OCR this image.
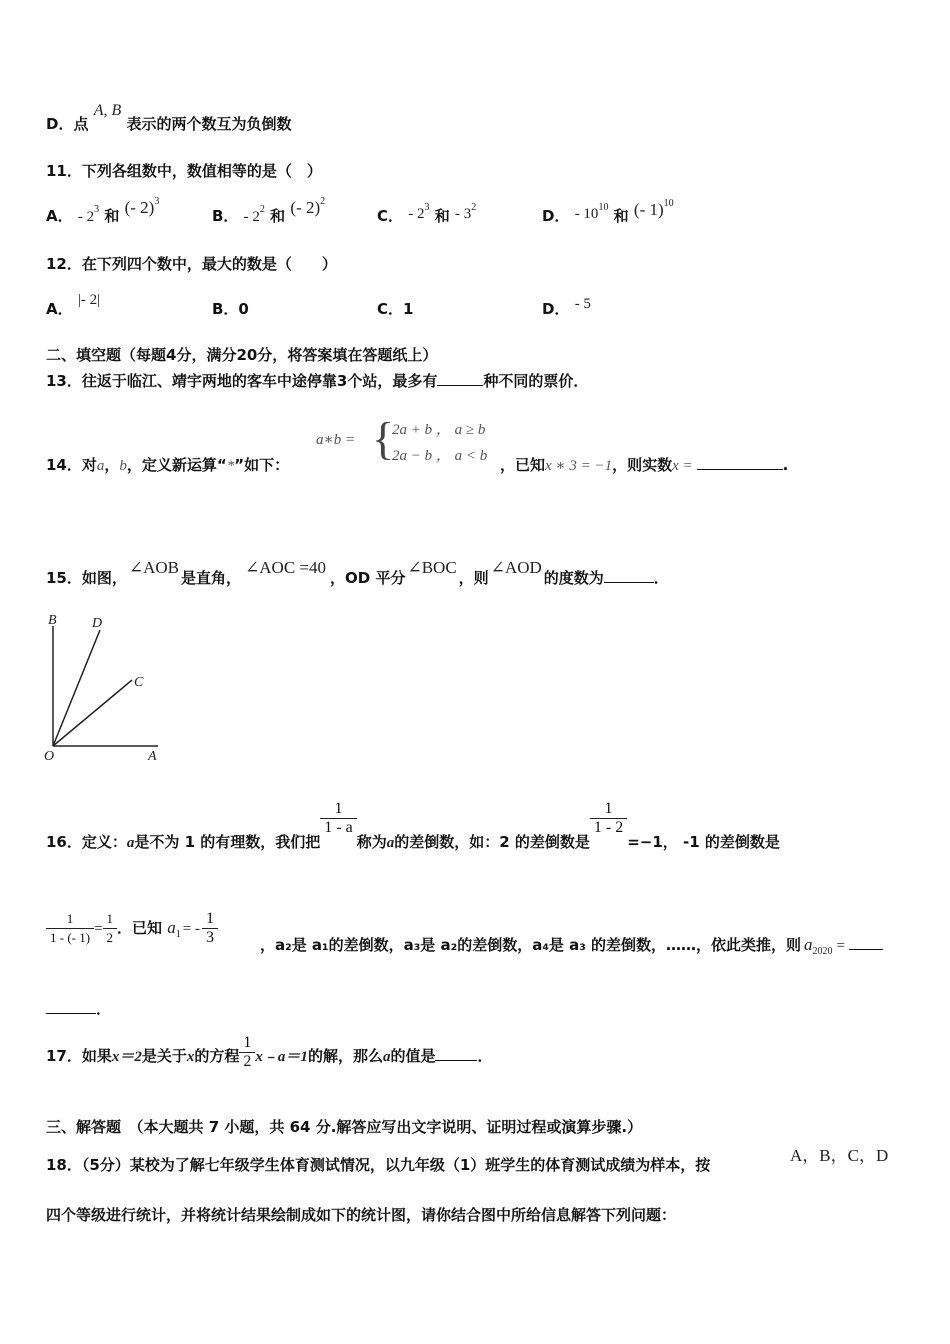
D．点 A, B 表示的两个数互为负倒数
11．下列各组数中，数值相等的是（　）
A． - $2^3$ 和 (- 2)$^3$
B． - $2^2$ 和 (- 2)$^2$
C． - $2^3$ 和 - $3^2$	D． - $10^{10}$ 和 (- 1)$^{10}$
12．在下列四个数中，最大的数是（　　）
A． |- 2|	B．0	C．1	D． - 5
二、填空题（每题4分，满分20分，将答案填在答题纸上）
13．往返于临江、靖宇两地的客车中途停靠3个站，最多有	种不同的票价．
a∗b = {
2a + b ， a ≥ b
2a − b ， a < b
14．对a，b，定义新运算“*”如下：	，已知x ∗ 3 = −1，则实数x =	.
15．如图，∠AOB是直角，∠AOC =40，OD 平分∠BOC，则∠AOD的度数为	．
B	D
C
O	A
16．定义：a是不为 1 的有理数，我们把
$\frac{1}{1 - a}$
称为a的差倒数，如：2 的差倒数是
$\frac{1}{1 - 2}$
=−1， -1 的差倒数是
$\frac{1}{1 - (- 1)} = \frac{1}{2}$ ．已知 $a_1$ = - $\frac{1}{3}$	，a₂是 a₁的差倒数，a₃是 a₂的差倒数，a₄是 a₃ 的差倒数，……，依此类推，则 $a_{2020}$ =
．
17．如果x＝2是关于x的方程 $\frac{1}{2}$ x﹣a＝1的解，那么a的值是	．
三、解答题　（本大题共 7 小题，共 64 分.解答应写出文字说明、证明过程或演算步骤.）
18．（5分）某校为了解七年级学生体育测试情况，以九年级（1）班学生的体育测试成绩为样本，按	A，B，C，D
四个等级进行统计，并将统计结果绘制成如下的统计图，请你结合图中所给信息解答下列问题：
